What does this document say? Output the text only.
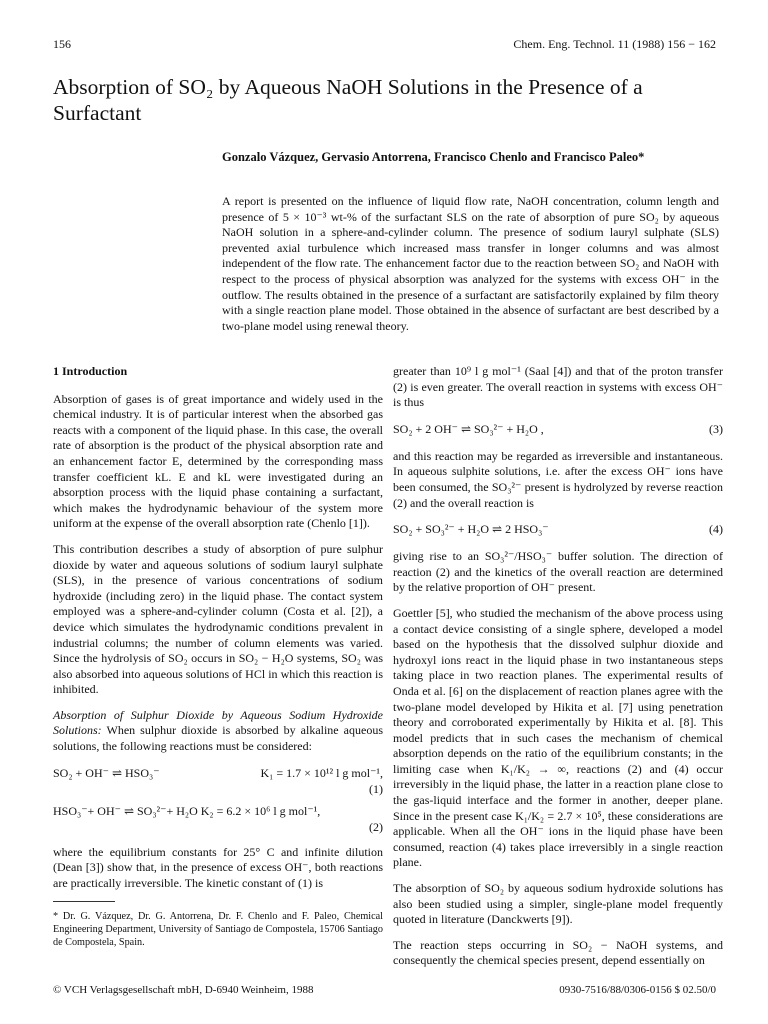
156	Chem. Eng. Technol. 11 (1988) 156 − 162
Absorption of SO₂ by Aqueous NaOH Solutions in the Presence of a Surfactant
Gonzalo Vázquez, Gervasio Antorrena, Francisco Chenlo and Francisco Paleo*
A report is presented on the influence of liquid flow rate, NaOH concentration, column length and presence of 5 × 10⁻³ wt-% of the surfactant SLS on the rate of absorption of pure SO₂ by aqueous NaOH solution in a sphere-and-cylinder column. The presence of sodium lauryl sulphate (SLS) prevented axial turbulence which increased mass transfer in longer columns and was almost independent of the flow rate. The enhancement factor due to the reaction between SO₂ and NaOH with respect to the process of physical absorption was analyzed for the systems with excess OH⁻ in the outflow. The results obtained in the presence of a surfactant are satisfactorily explained by film theory with a single reaction plane model. Those obtained in the absence of surfactant are best described by a two-plane model using renewal theory.

1 Introduction

Absorption of gases is of great importance and widely used in the chemical industry. It is of particular interest when the absorbed gas reacts with a component of the liquid phase. In this case, the overall rate of absorption is the product of the physical absorption rate and an enhancement factor E, determined by the corresponding mass transfer coefficient kL. E and kL were investigated during an absorption process with the liquid phase containing a surfactant, which makes the hydrodynamic behaviour of the system more uniform at the expense of the overall absorption rate (Chenlo [1]).

This contribution describes a study of absorption of pure sulphur dioxide by water and aqueous solutions of sodium lauryl sulphate (SLS), in the presence of various concentrations of sodium hydroxide (including zero) in the liquid phase. The contact system employed was a sphere-and-cylinder column (Costa et al. [2]), a device which simulates the hydrodynamic conditions prevalent in industrial columns; the number of column elements was varied. Since the hydrolysis of SO₂ occurs in SO₂ − H₂O systems, SO₂ was also absorbed into aqueous solutions of HCl in which this reaction is inhibited.

Absorption of Sulphur Dioxide by Aqueous Sodium Hydroxide Solutions: When sulphur dioxide is absorbed by alkaline aqueous solutions, the following reactions must be considered:

SO₂ + OH⁻ ⇌ HSO₃⁻	K₁ = 1.7 × 10¹² l g mol⁻¹,
(1)
HSO₃⁻+ OH⁻ ⇌ SO₃²⁻+ H₂O K₂ = 6.2 × 10⁶ l g mol⁻¹,
(2)

where the equilibrium constants for 25° C and infinite dilution (Dean [3]) show that, in the presence of excess OH⁻, both reactions are practically irreversible. The kinetic constant of (1) is

* Dr. G. Vázquez, Dr. G. Antorrena, Dr. F. Chenlo and F. Paleo, Chemical Engineering Department, University of Santiago de Compostela, 15706 Santiago de Compostela, Spain.

greater than 10⁹ l g mol⁻¹ (Saal [4]) and that of the proton transfer (2) is even greater. The overall reaction in systems with excess OH⁻ is thus

SO₂ + 2 OH⁻ ⇌ SO₃²⁻ + H₂O ,	(3)

and this reaction may be regarded as irreversible and instantaneous. In aqueous sulphite solutions, i.e. after the excess OH⁻ ions have been consumed, the SO₃²⁻ present is hydrolyzed by reverse reaction (2) and the overall reaction is

SO₂ + SO₃²⁻ + H₂O ⇌ 2 HSO₃⁻	(4)

giving rise to an SO₃²⁻/HSO₃⁻ buffer solution. The direction of reaction (2) and the kinetics of the overall reaction are determined by the relative proportion of OH⁻ present.

Goettler [5], who studied the mechanism of the above process using a contact device consisting of a single sphere, developed a model based on the hypothesis that the dissolved sulphur dioxide and hydroxyl ions react in the liquid phase in two instantaneous steps taking place in two reaction planes. The experimental results of Onda et al. [6] on the displacement of reaction planes agree with the two-plane model developed by Hikita et al. [7] using penetration theory and corroborated experimentally by Hikita et al. [8]. This model predicts that in such cases the mechanism of chemical absorption depends on the ratio of the equilibrium constants; in the limiting case when K₁/K₂ → ∞, reactions (2) and (4) occur irreversibly in the liquid phase, the latter in a reaction plane close to the gas-liquid interface and the former in another, deeper plane. Since in the present case K₁/K₂ = 2.7 × 10⁵, these considerations are applicable. When all the OH⁻ ions in the liquid phase have been consumed, reaction (4) takes place irreversibly in a single reaction plane.

The absorption of SO₂ by aqueous sodium hydroxide solutions has also been studied using a simpler, single-plane model frequently quoted in literature (Danckwerts [9]).

The reaction steps occurring in SO₂ − NaOH systems, and consequently the chemical species present, depend essentially on

© VCH Verlagsgesellschaft mbH, D-6940 Weinheim, 1988	0930-7516/88/0306-0156 $ 02.50/0
